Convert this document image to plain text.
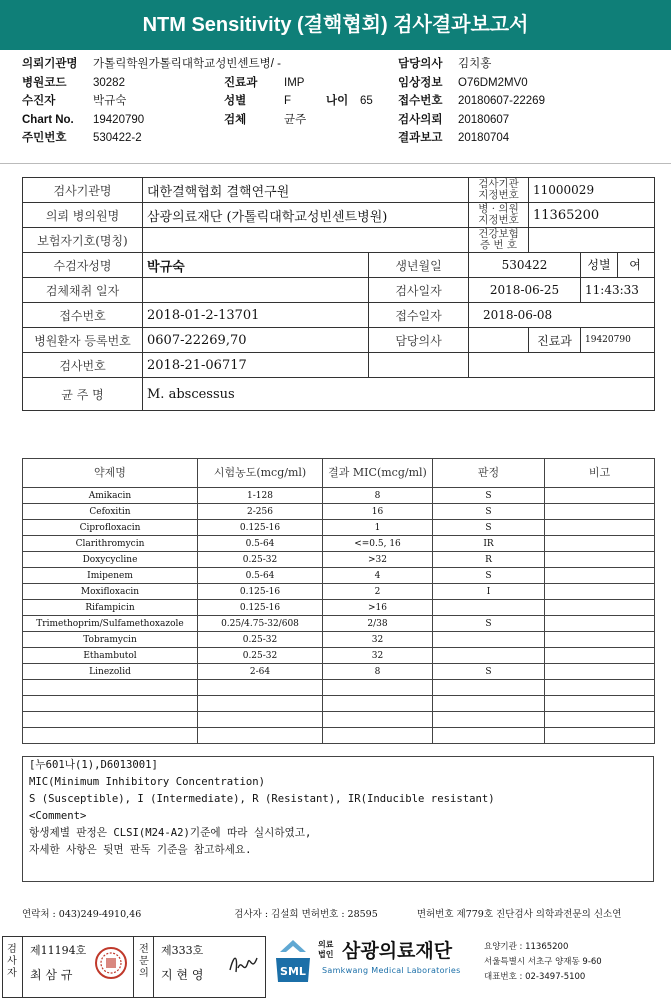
NTM Sensitivity (결핵협회) 검사결과보고서
의뢰기관명 가톨릭학원가톨릭대학교성빈센트병/ -	담당의사 김치홍
병원코드 30282	진료과 IMP	임상정보 O76DM2MV0
수진자	박규숙	성별	F	나이 65 접수번호 20180607-22269
Chart No. 19420790	검체	균주	검사의뢰 20180607
주민번호 530422-2	결과보고 20180704
검사기관명	대한결핵협회 결핵연구원		검사기관 지정번호	11000029	
의뢰 병의원명	삼광의료재단 (가톨릭대학교성빈센트병원)		병 · 의원 지정번호	11365200	
보험자기호(명칭)			건강보험 증 번 호		
수검자성명	박규숙	생년월일	530422		성별 여
검체채취 일자		검사일자	2018-06-25		11:43:33
접수번호	2018-01-2-13701	접수일자	2018-06-08		
병원환자 등록번호	0607-22269,70	담당의사		진료과	19420790
검사번호	2018-21-06717				
균 주 명	M. abscessus				
약제명	시험농도(mcg/ml)	결과 MIC(mcg/ml)	판정	비고
Amikacin	1-128	8	S	
Cefoxitin	2-256	16	S	
Ciprofloxacin	0.125-16	1	S	
Clarithromycin	0.5-64	<=0.5, 16	IR	
Doxycycline	0.25-32	>32	R	
Imipenem	0.5-64	4	S	
Moxifloxacin	0.125-16	2	I	
Rifampicin	0.125-16	>16		
Trimethoprim/Sulfamethoxazole	0.25/4.75-32/608	2/38	S	
Tobramycin	0.25-32	32		
Ethambutol	0.25-32	32		
Linezolid	2-64	8	S	

[누601나(1),D6013001]
MIC(Minimum Inhibitory Concentration)
S (Susceptible), I (Intermediate), R (Resistant), IR(Inducible resistant)
<Comment>
항생제별 판정은 CLSI(M24-A2)기준에 따라 실시하였고,
자세한 사항은 뒷면 판독 기준을 참고하세요.
연락처 : 043)249-4910,46	검사자 : 김설희 면허번호 : 28595	면허번호 제779호 진단검사 의학과전문의 신소연
검사자
제11194호
최 삼 규
전문의
제333호
지 현 영	SML
의료법인 삼광의료재단
Samkwang Medical Laboratories
요양기관 : 11365200
서울특별시 서초구 양재동 9-60
대표번호 : 02-3497-5100
